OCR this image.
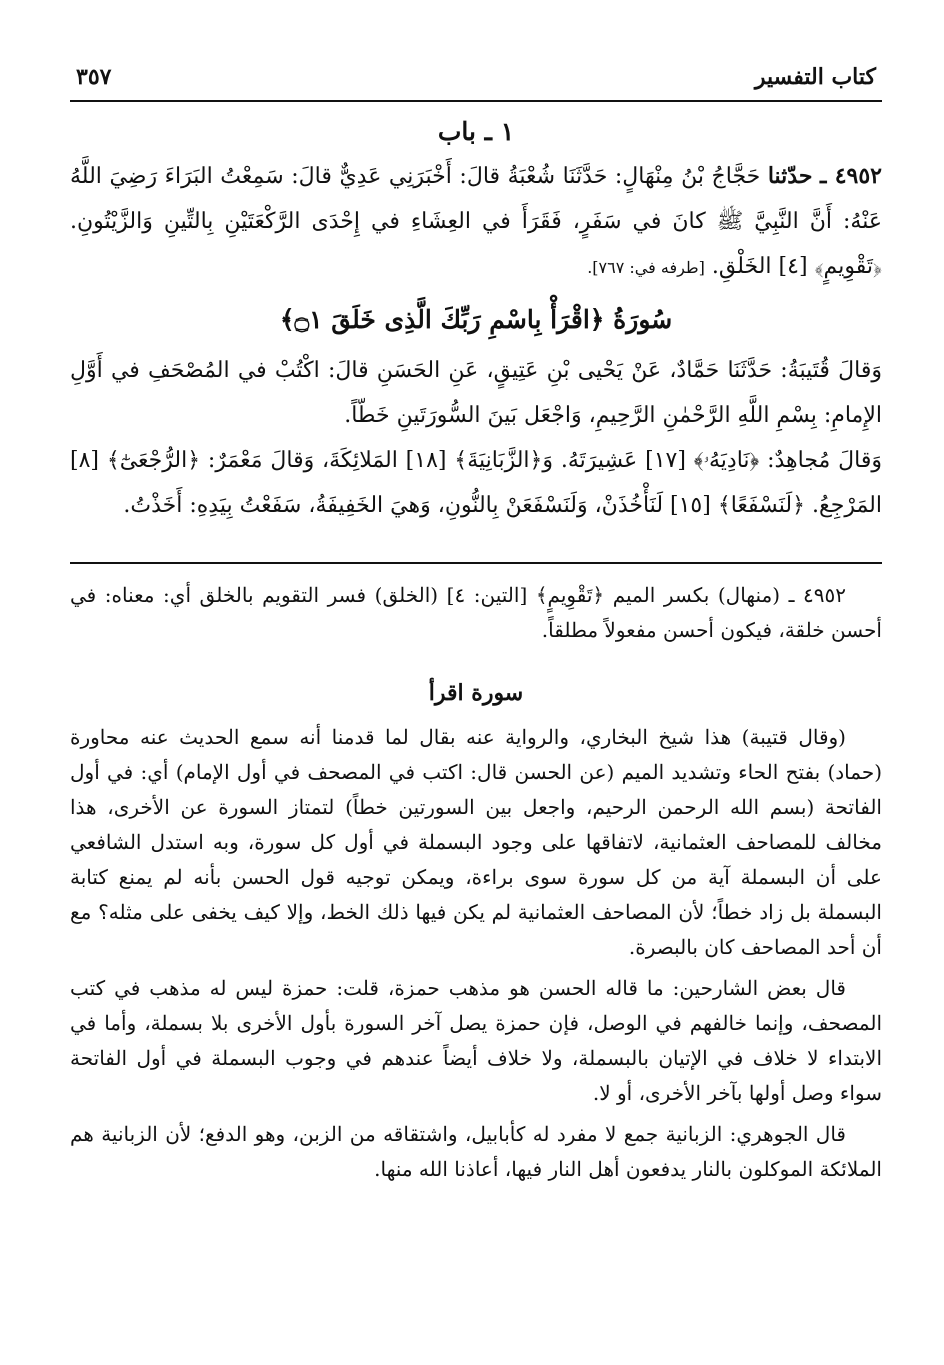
كتاب التفسير
٣٥٧
١ ـ باب

٤٩٥٢ ـ حدّثنا حَجَّاجُ بْنُ مِنْهَالٍ: حَدَّثَنَا شُعْبَةُ قالَ: أَخْبَرَنِي عَدِيٌّ قالَ: سَمِعْتُ البَرَاءَ رَضِيَ اللَّهُ عَنْهُ: أَنَّ النَّبِيَّ ﷺ كانَ في سَفَرٍ، فَقَرَأَ في العِشَاءِ في إِحْدَى الرَّكْعَتَيْنِ بِالتِّينِ وَالزَّيْتُونِ. ﴿تَقْوِيمٍ﴾ [٤] الخَلْقِ. [طرفه في: ٧٦٧].

سُورَةُ ﴿اقْرَأْ بِاسْمِ رَبِّكَ الَّذِى خَلَقَ ۝١﴾

وَقالَ قُتَيبَةُ: حَدَّثَنَا حَمَّادٌ، عَنْ يَحْيى بْنِ عَتِيقٍ، عَنِ الحَسَنِ قالَ: اكْتُبْ في المُصْحَفِ في أَوَّلِ الإِمامِ: بِسْمِ اللَّهِ الرَّحْمٰنِ الرَّحِيمِ، وَاجْعَل بَينَ السُّورَتَينِ خَطّاً.

وَقالَ مُجاهِدٌ: ﴿نَادِيَهُۥ﴾ [١٧] عَشِيرَتَهُ. وَ﴿الزَّبَانِيَةَ﴾ [١٨] المَلائِكَةَ، وَقالَ مَعْمَرٌ: ﴿الرُّجْعَىٰٓ﴾ [٨] المَرْجِعُ. ﴿لَنَسْفَعًا﴾ [١٥] لَنَأْخُذَنْ، وَلَنَسْفَعَنْ بِالنُّونِ، وَهيَ الخَفِيفَةُ، سَفَعْتُ بِيَدِهِ: أَخَذْتُ.

٤٩٥٢ ـ (منهال) بكسر الميم ﴿تَقْوِيمٍ﴾ [التين: ٤] (الخلق) فسر التقويم بالخلق أي: معناه: في أحسن خلقة، فيكون أحسن مفعولاً مطلقاً.

سورة اقرأ

(وقال قتيبة) هذا شيخ البخاري، والرواية عنه بقال لما قدمنا أنه سمع الحديث عنه محاورة (حماد) بفتح الحاء وتشديد الميم (عن الحسن قال: اكتب في المصحف في أول الإمام) أي: في أول الفاتحة (بسم الله الرحمن الرحيم، واجعل بين السورتين خطاً) لتمتاز السورة عن الأخرى، هذا مخالف للمصاحف العثمانية، لاتفاقها على وجود البسملة في أول كل سورة، وبه استدل الشافعي على أن البسملة آية من كل سورة سوى براءة، ويمكن توجيه قول الحسن بأنه لم يمنع كتابة البسملة بل زاد خطاً؛ لأن المصاحف العثمانية لم يكن فيها ذلك الخط، وإلا كيف يخفى على مثله؟ مع أن أحد المصاحف كان بالبصرة.

قال بعض الشارحين: ما قاله الحسن هو مذهب حمزة، قلت: حمزة ليس له مذهب في كتب المصحف، وإنما خالفهم في الوصل، فإن حمزة يصل آخر السورة بأول الأخرى بلا بسملة، وأما في الابتداء لا خلاف في الإتيان بالبسملة، ولا خلاف أيضاً عندهم في وجوب البسملة في أول الفاتحة سواء وصل أولها بآخر الأخرى، أو لا.

قال الجوهري: الزبانية جمع لا مفرد له كأبابيل، واشتقاقه من الزبن، وهو الدفع؛ لأن الزبانية هم الملائكة الموكلون بالنار يدفعون أهل النار فيها، أعاذنا الله منها.
